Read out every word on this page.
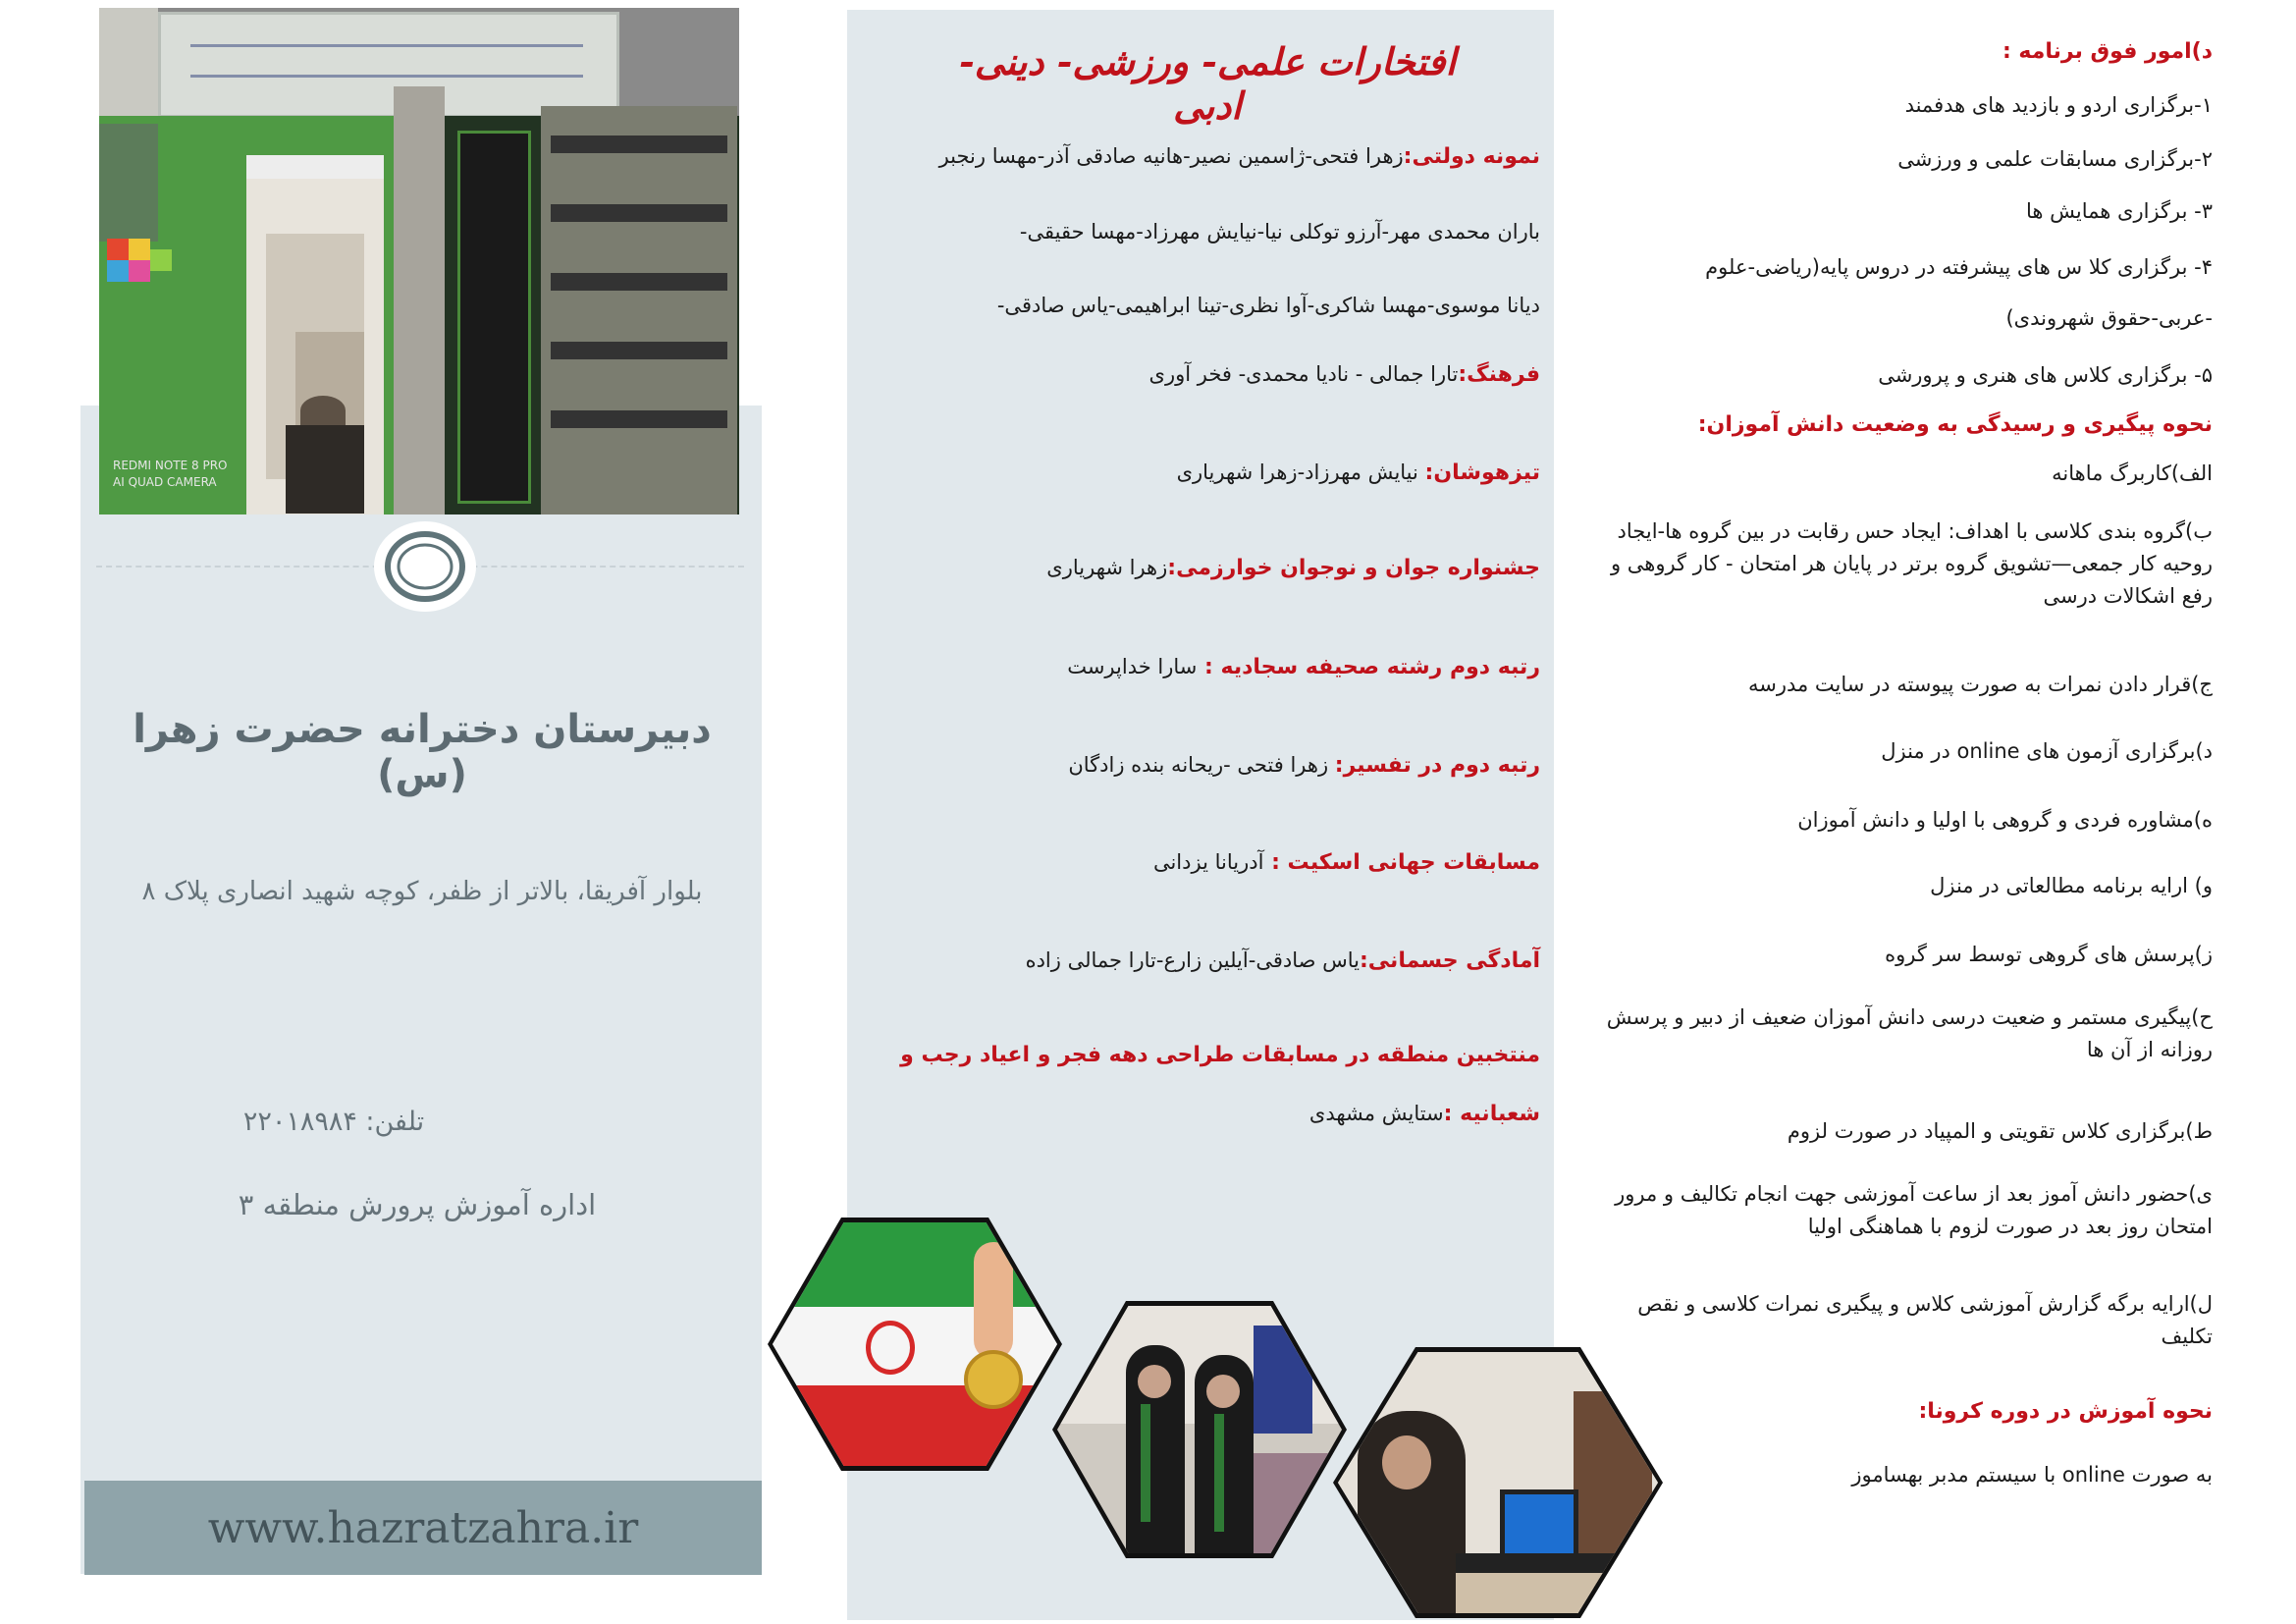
REDMI NOTE 8 PRO
AI QUAD CAMERA
دبیرستان دخترانه حضرت زهرا (س)
بلوار آفریقا، بالاتر از ظفر، کوچه شهید انصاری پلاک ۸
تلفن: ۲۲۰۱۸۹۸۴
اداره آموزش پرورش منطقه ۳
www.hazratzahra.ir
افتخارات علمی- ورزشی- دینی- ادبی
نمونه دولتی:زهرا فتحی-ژاسمین نصیر-هانیه صادقی آذر-مهسا رنجبر
باران محمدی مهر-آرزو توکلی نیا-نیایش مهرزاد-مهسا حقیقی-
دیانا موسوی-مهسا شاکری-آوا نظری-تینا ابراهیمی-یاس صادقی-
فرهنگ:تارا جمالی - نادیا محمدی- فخر آوری
تیزهوشان: نیایش مهرزاد-زهرا شهریاری
جشنواره جوان و نوجوان خوارزمی:زهرا شهریاری
رتبه دوم رشته صحیفه سجادیه : سارا خداپرست
رتبه دوم در تفسیر: زهرا فتحی -ریحانه بنده زادگان
مسابقات جهانی اسکیت : آدریانا یزدانی
آمادگی جسمانی:یاس صادقی-آیلین زارع-تارا جمالی زاده
منتخبین منطقه در مسابقات طراحی دهه فجر و اعیاد رجب و
شعبانیه :ستایش مشهدی
د)امور فوق برنامه :
۱-برگزاری اردو و بازدید های هدفمند
۲-برگزاری مسابقات علمی و ورزشی
۳- برگزاری همایش ها
۴- برگزاری کلا س های پیشرفته در دروس پایه(ریاضی-علوم
-عربی-حقوق شهروندی)
۵- برگزاری کلاس های هنری و پرورشی
نحوه پیگیری و رسیدگی به وضعیت دانش آموزان:
الف)کاربرگ ماهانه
ب)گروه بندی کلاسی با اهداف: ایجاد حس رقابت در بین گروه ها-ایجاد روحیه کار جمعی—تشویق گروه برتر در پایان هر امتحان - کار گروهی و رفع اشکالات درسی
ج)قرار دادن نمرات به صورت پیوسته در سایت مدرسه
د)برگزاری آزمون های online در منزل
ه)مشاوره فردی و گروهی با اولیا و دانش آموزان
و) ارایه برنامه مطالعاتی در منزل
ز)پرسش های گروهی توسط سر گروه
ح)پیگیری مستمر و ضعیت درسی دانش آموزان ضعیف از دبیر و پرسش روزانه از آن ها
ط)برگزاری کلاس تقویتی و المپیاد در صورت لزوم
ی)حضور دانش آموز بعد از ساعت آموزشی جهت انجام تکالیف و مرور امتحان روز بعد در صورت لزوم با هماهنگی اولیا
ل)ارایه برگه گزارش آموزشی کلاس و پیگیری نمرات کلاسی و نقص تکلیف
نحوه آموزش در دوره کرونا:
به صورت online با سیستم مدبر بهساموز
